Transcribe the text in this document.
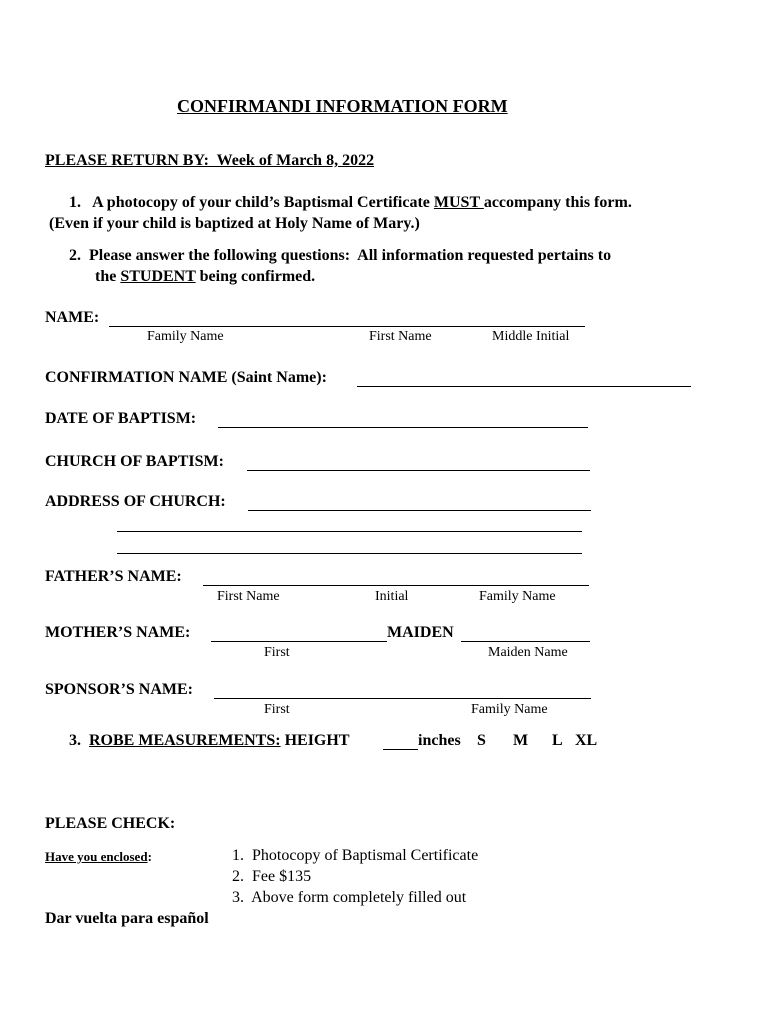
CONFIRMANDI INFORMATION FORM
PLEASE RETURN BY:  Week of March 8, 2022
1.   A photocopy of your child’s Baptismal Certificate MUST accompany this form.
(Even if your child is baptized at Holy Name of Mary.)
2.  Please answer the following questions:  All information requested pertains to
the STUDENT being confirmed.
NAME:
Family Name	First Name	Middle Initial
CONFIRMATION NAME (Saint Name):
DATE OF BAPTISM:
CHURCH OF BAPTISM:
ADDRESS OF CHURCH:
FATHER’S NAME:
First Name	Initial	Family Name
MOTHER’S NAME:	MAIDEN
First	Maiden Name
SPONSOR’S NAME:
First	Family Name
3.  ROBE MEASUREMENTS: HEIGHT	inches S M L XL
PLEASE CHECK:
Have you enclosed:	1.  Photocopy of Baptismal Certificate
2.  Fee $135
3.  Above form completely filled out
Dar vuelta para español
